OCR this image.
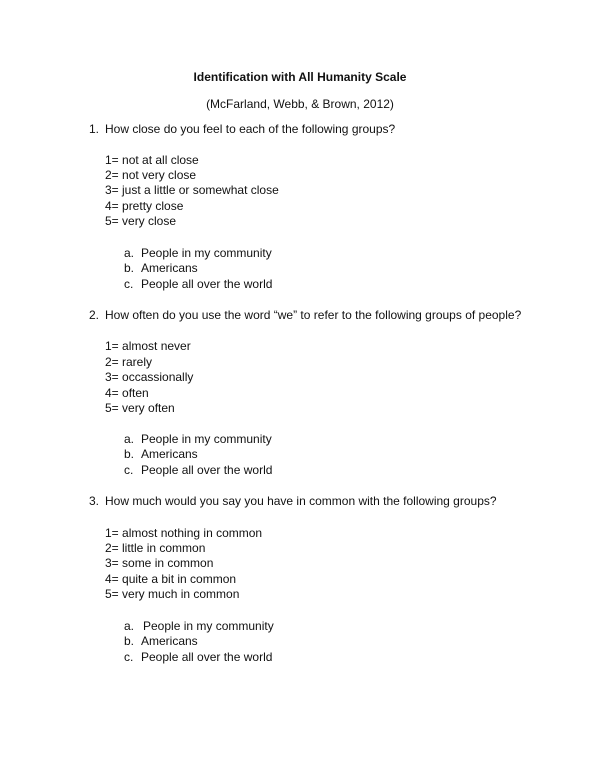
Identification with All Humanity Scale
(McFarland, Webb, & Brown, 2012)
1. How close do you feel to each of the following groups?
1= not at all close
2= not very close
3= just a little or somewhat close
4= pretty close
5= very close
a. People in my community
b. Americans
c. People all over the world
2. How often do you use the word “we” to refer to the following groups of people?
1= almost never
2= rarely
3= occassionally
4= often
5= very often
a. People in my community
b. Americans
c. People all over the world
3. How much would you say you have in common with the following groups?
1= almost nothing in common
2= little in common
3= some in common
4= quite a bit in common
5= very much in common
a. People in my community
b. Americans
c. People all over the world
